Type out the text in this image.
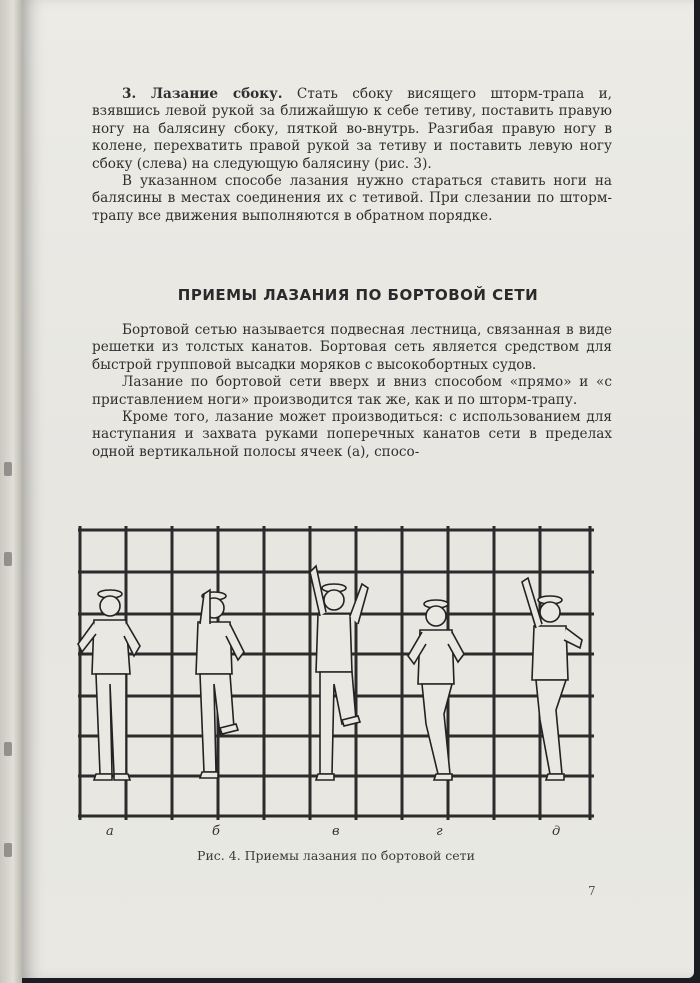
3. Лазание сбоку. Стать сбоку висящего шторм-трапа и, взявшись левой рукой за ближайшую к себе тетиву, поставить правую ногу на балясину сбоку, пяткой во-внутрь. Разгибая правую ногу в колене, перехватить правой рукой за тетиву и поставить левую ногу сбоку (слева) на следующую балясину (рис. 3).

В указанном способе лазания нужно стараться ставить ноги на балясины в местах соединения их с тетивой. При слезании по шторм-трапу все движения выполняются в обратном порядке.

ПРИЕМЫ ЛАЗАНИЯ ПО БОРТОВОЙ СЕТИ

Бортовой сетью называется подвесная лестница, связанная в виде решетки из толстых канатов. Бортовая сеть является средством для быстрой групповой высадки моряков с высокобортных судов.

Лазание по бортовой сети вверх и вниз способом «прямо» и «с приставлением ноги» производится так же, как и по шторм-трапу.

Кроме того, лазание может производиться: с использованием для наступания и захвата руками поперечных канатов сети в пределах одной вертикальной полосы ячеек (а), спосо-

а	б	в	г	д
Рис. 4. Приемы лазания по бортовой сети
7
